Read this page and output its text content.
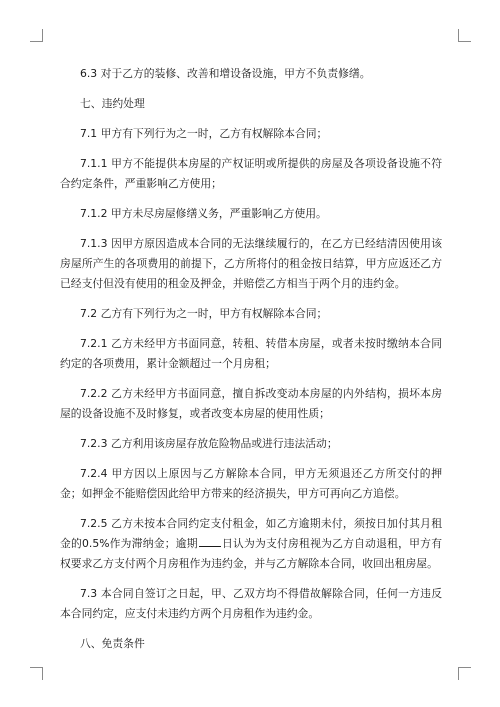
6.3 对于乙方的装修、改善和增设备设施，甲方不负责修缮。

七、违约处理

7.1 甲方有下列行为之一时，乙方有权解除本合同；

7.1.1 甲方不能提供本房屋的产权证明或所提供的房屋及各项设备设施不符合约定条件，严重影响乙方使用；

7.1.2 甲方未尽房屋修缮义务，严重影响乙方使用。

7.1.3 因甲方原因造成本合同的无法继续履行的，在乙方已经结清因使用该房屋所产生的各项费用的前提下，乙方所将付的租金按日结算，甲方应返还乙方已经支付但没有使用的租金及押金，并赔偿乙方相当于两个月的违约金。

7.2 乙方有下列行为之一时，甲方有权解除本合同；

7.2.1 乙方未经甲方书面同意，转租、转借本房屋，或者未按时缴纳本合同约定的各项费用，累计金额超过一个月房租；

7.2.2 乙方未经甲方书面同意，擅自拆改变动本房屋的内外结构，损坏本房屋的设备设施不及时修复，或者改变本房屋的使用性质；

7.2.3 乙方利用该房屋存放危险物品或进行违法活动；

7.2.4 甲方因以上原因与乙方解除本合同，甲方无须退还乙方所交付的押金；如押金不能赔偿因此给甲方带来的经济损失，甲方可再向乙方追偿。

7.2.5 乙方未按本合同约定支付租金，如乙方逾期未付，须按日加付其月租金的0.5%作为滞纳金；逾期 日认为为支付房租视为乙方自动退租，甲方有权要求乙方支付两个月房租作为违约金，并与乙方解除本合同，收回出租房屋。

7.3 本合同自签订之日起，甲、乙双方均不得借故解除合同，任何一方违反本合同约定，应支付未违约方两个月房租作为违约金。

八、免责条件
